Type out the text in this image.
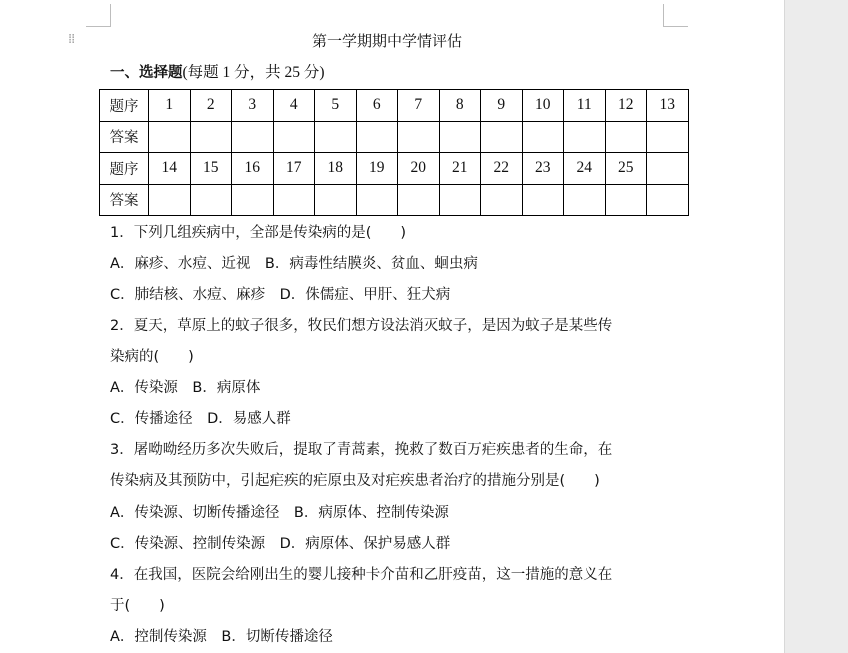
⁞⁞	第一学期期中学情评估
一、选择题(每题 1 分，共 25 分)
题序	1	2	3	4	5	6	7	8	9	10	11	12	13
答案													
题序	14	15	16	17	18	19	20	21	22	23	24	25	
答案													
1．下列几组疾病中，全部是传染病的是(　　)
A．麻疹、水痘、近视　B．病毒性结膜炎、贫血、蛔虫病
C．肺结核、水痘、麻疹　D．侏儒症、甲肝、狂犬病
2．夏天，草原上的蚊子很多，牧民们想方设法消灭蚊子，是因为蚊子是某些传
染病的(　　)
A．传染源　B．病原体
C．传播途径　D．易感人群
3．屠呦呦经历多次失败后，提取了青蒿素，挽救了数百万疟疾患者的生命，在
传染病及其预防中，引起疟疾的疟原虫及对疟疾患者治疗的措施分别是(　　)
A．传染源、切断传播途径　B．病原体、控制传染源
C．传染源、控制传染源　D．病原体、保护易感人群
4．在我国，医院会给刚出生的婴儿接种卡介苗和乙肝疫苗，这一措施的意义在
于(　　)
A．控制传染源　B．切断传播途径
